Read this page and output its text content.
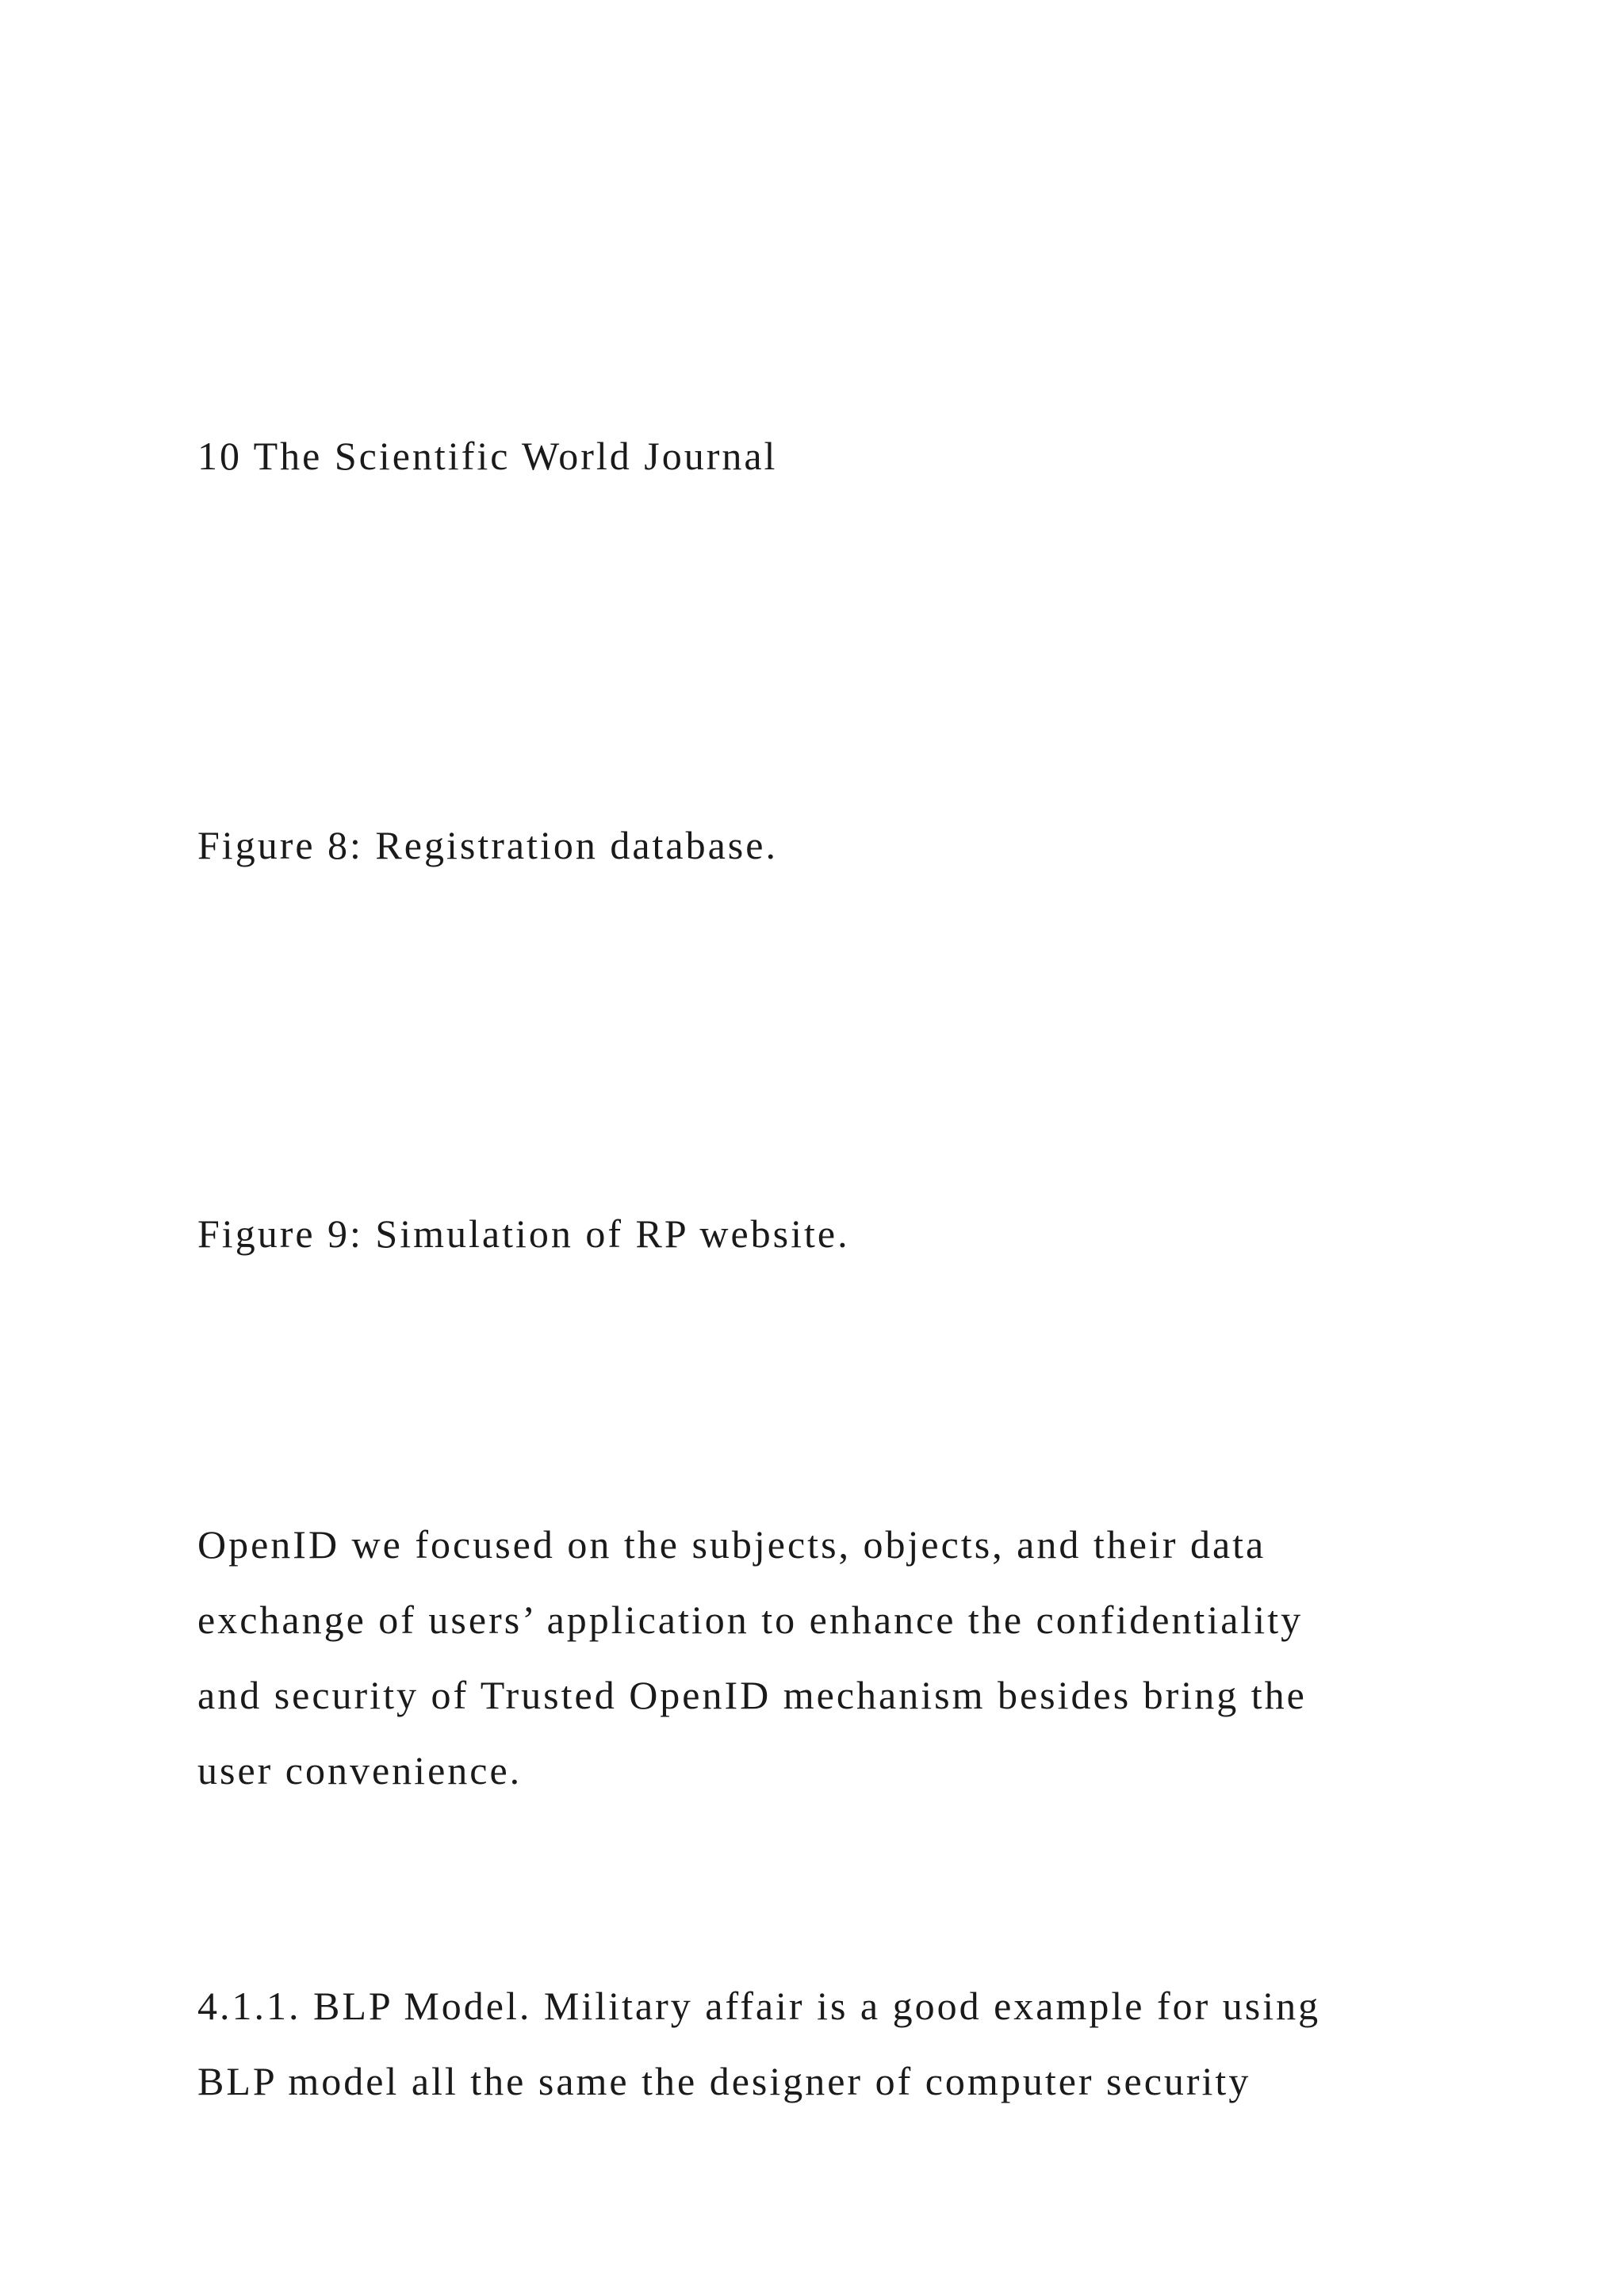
10 The Scientific World Journal
Figure 8: Registration database.
Figure 9: Simulation of RP website.
OpenID we focused on the subjects, objects, and their data
exchange of users’ application to enhance the confidentiality
and security of Trusted OpenID mechanism besides bring the
user convenience.
4.1.1. BLP Model. Military affair is a good example for using
BLP model all the same the designer of computer security
